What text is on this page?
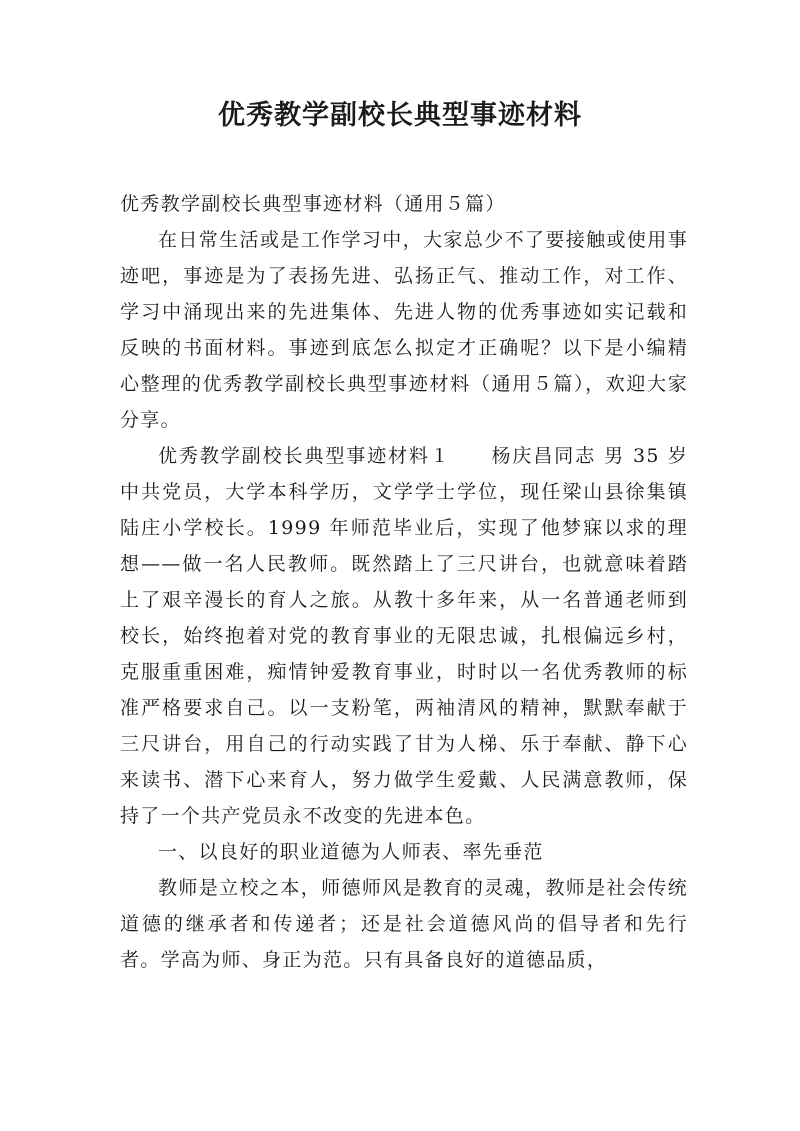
优秀教学副校长典型事迹材料

优秀教学副校长典型事迹材料（通用５篇）

在日常生活或是工作学习中，大家总少不了要接触或使用事迹吧，事迹是为了表扬先进、弘扬正气、推动工作，对工作、学习中涌现出来的先进集体、先进人物的优秀事迹如实记载和反映的书面材料。事迹到底怎么拟定才正确呢？以下是小编精心整理的优秀教学副校长典型事迹材料（通用５篇），欢迎大家分享。

优秀教学副校长典型事迹材料１ 杨庆昌同志 男 35 岁 中共党员，大学本科学历，文学学士学位，现任梁山县徐集镇陆庄小学校长。1999 年师范毕业后，实现了他梦寐以求的理想——做一名人民教师。既然踏上了三尺讲台，也就意味着踏上了艰辛漫长的育人之旅。从教十多年来，从一名普通老师到校长，始终抱着对党的教育事业的无限忠诚，扎根偏远乡村，克服重重困难，痴情钟爱教育事业，时时以一名优秀教师的标准严格要求自己。以一支粉笔，两袖清风的精神，默默奉献于三尺讲台，用自己的行动实践了甘为人梯、乐于奉献、静下心来读书、潜下心来育人，努力做学生爱戴、人民满意教师，保持了一个共产党员永不改变的先进本色。

一、以良好的职业道德为人师表、率先垂范

教师是立校之本，师德师风是教育的灵魂，教师是社会传统道德的继承者和传递者；还是社会道德风尚的倡导者和先行者。学高为师、身正为范。只有具备良好的道德品质，
